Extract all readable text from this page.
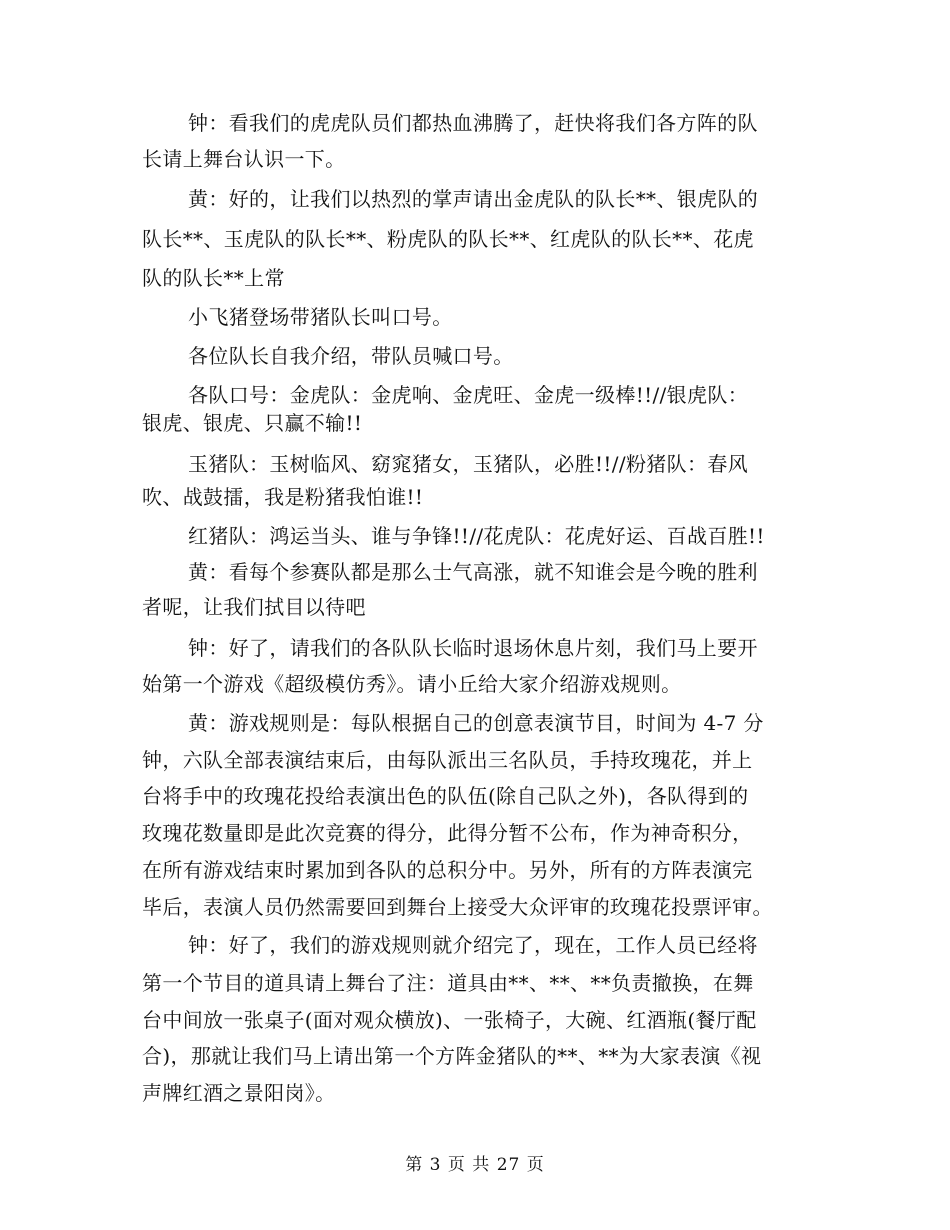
钟：看我们的虎虎队员们都热血沸腾了，赶快将我们各方阵的队
长请上舞台认识一下。
黄：好的，让我们以热烈的掌声请出金虎队的队长**、银虎队的
队长**、玉虎队的队长**、粉虎队的队长**、红虎队的队长**、花虎
队的队长**上常
小飞猪登场带猪队长叫口号。
各位队长自我介绍，带队员喊口号。
各队口号：金虎队：金虎响、金虎旺、金虎一级棒!!//银虎队：
银虎、银虎、只赢不输!!
玉猪队：玉树临风、窈窕猪女，玉猪队，必胜!!//粉猪队：春风
吹、战鼓擂，我是粉猪我怕谁!!
红猪队：鸿运当头、谁与争锋!!//花虎队：花虎好运、百战百胜!!
黄：看每个参赛队都是那么士气高涨，就不知谁会是今晚的胜利
者呢，让我们拭目以待吧
钟：好了，请我们的各队队长临时退场休息片刻，我们马上要开
始第一个游戏《超级模仿秀》。请小丘给大家介绍游戏规则。
黄：游戏规则是：每队根据自己的创意表演节目，时间为 4-7 分
钟，六队全部表演结束后，由每队派出三名队员，手持玫瑰花，并上
台将手中的玫瑰花投给表演出色的队伍(除自己队之外)，各队得到的
玫瑰花数量即是此次竞赛的得分，此得分暂不公布，作为神奇积分，
在所有游戏结束时累加到各队的总积分中。另外，所有的方阵表演完
毕后，表演人员仍然需要回到舞台上接受大众评审的玫瑰花投票评审。
钟：好了，我们的游戏规则就介绍完了，现在，工作人员已经将
第一个节目的道具请上舞台了注：道具由**、**、**负责撤换，在舞
台中间放一张桌子(面对观众横放)、一张椅子，大碗、红酒瓶(餐厅配
合)，那就让我们马上请出第一个方阵金猪队的**、**为大家表演《视
声牌红酒之景阳岗》。
第 3 页 共 27 页
